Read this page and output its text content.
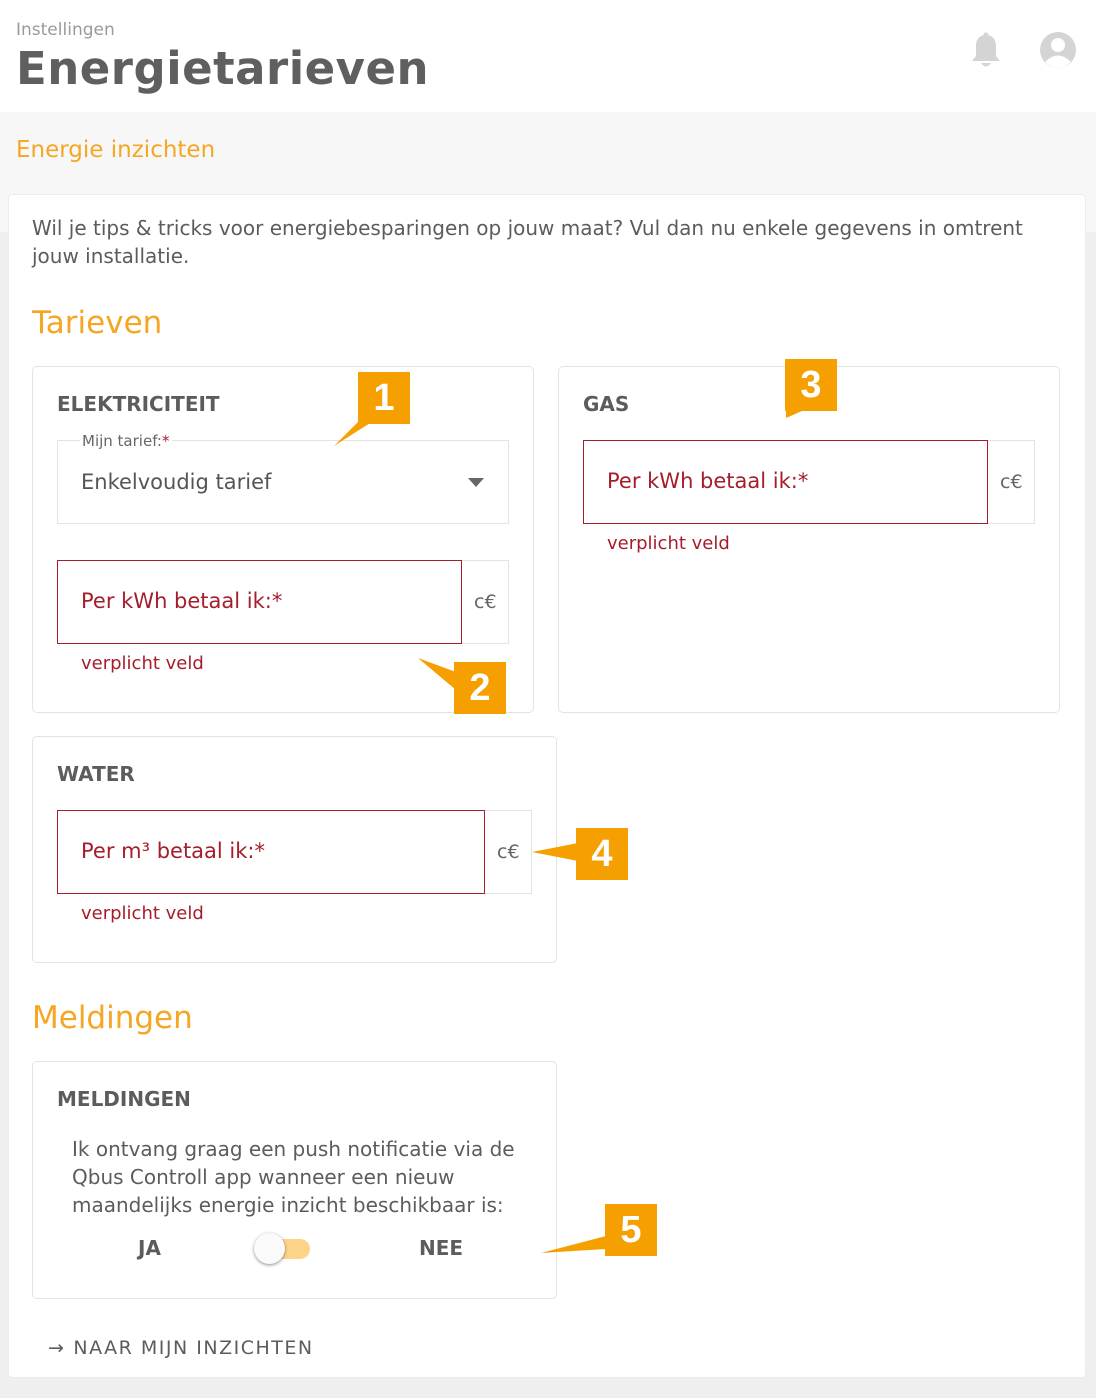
Instellingen
Energietarieven
Energie inzichten
Wil je tips & tricks voor energiebesparingen op jouw maat? Vul dan nu enkele gegevens in omtrent jouw installatie.
Tarieven
ELEKTRICITEIT
Mijn tarief:*
Enkelvoudig tarief
Per kWh betaal ik:*	c€
verplicht veld
GAS
Per kWh betaal ik:*	c€
verplicht veld
WATER
Per m³ betaal ik:*	c€
verplicht veld
Meldingen
MELDINGEN
Ik ontvang graag een push notificatie via de Qbus Controll app wanneer een nieuw maandelijks energie inzicht beschikbaar is:
JA	NEE
→ NAAR MIJN INZICHTEN
1
2
3
4
5
